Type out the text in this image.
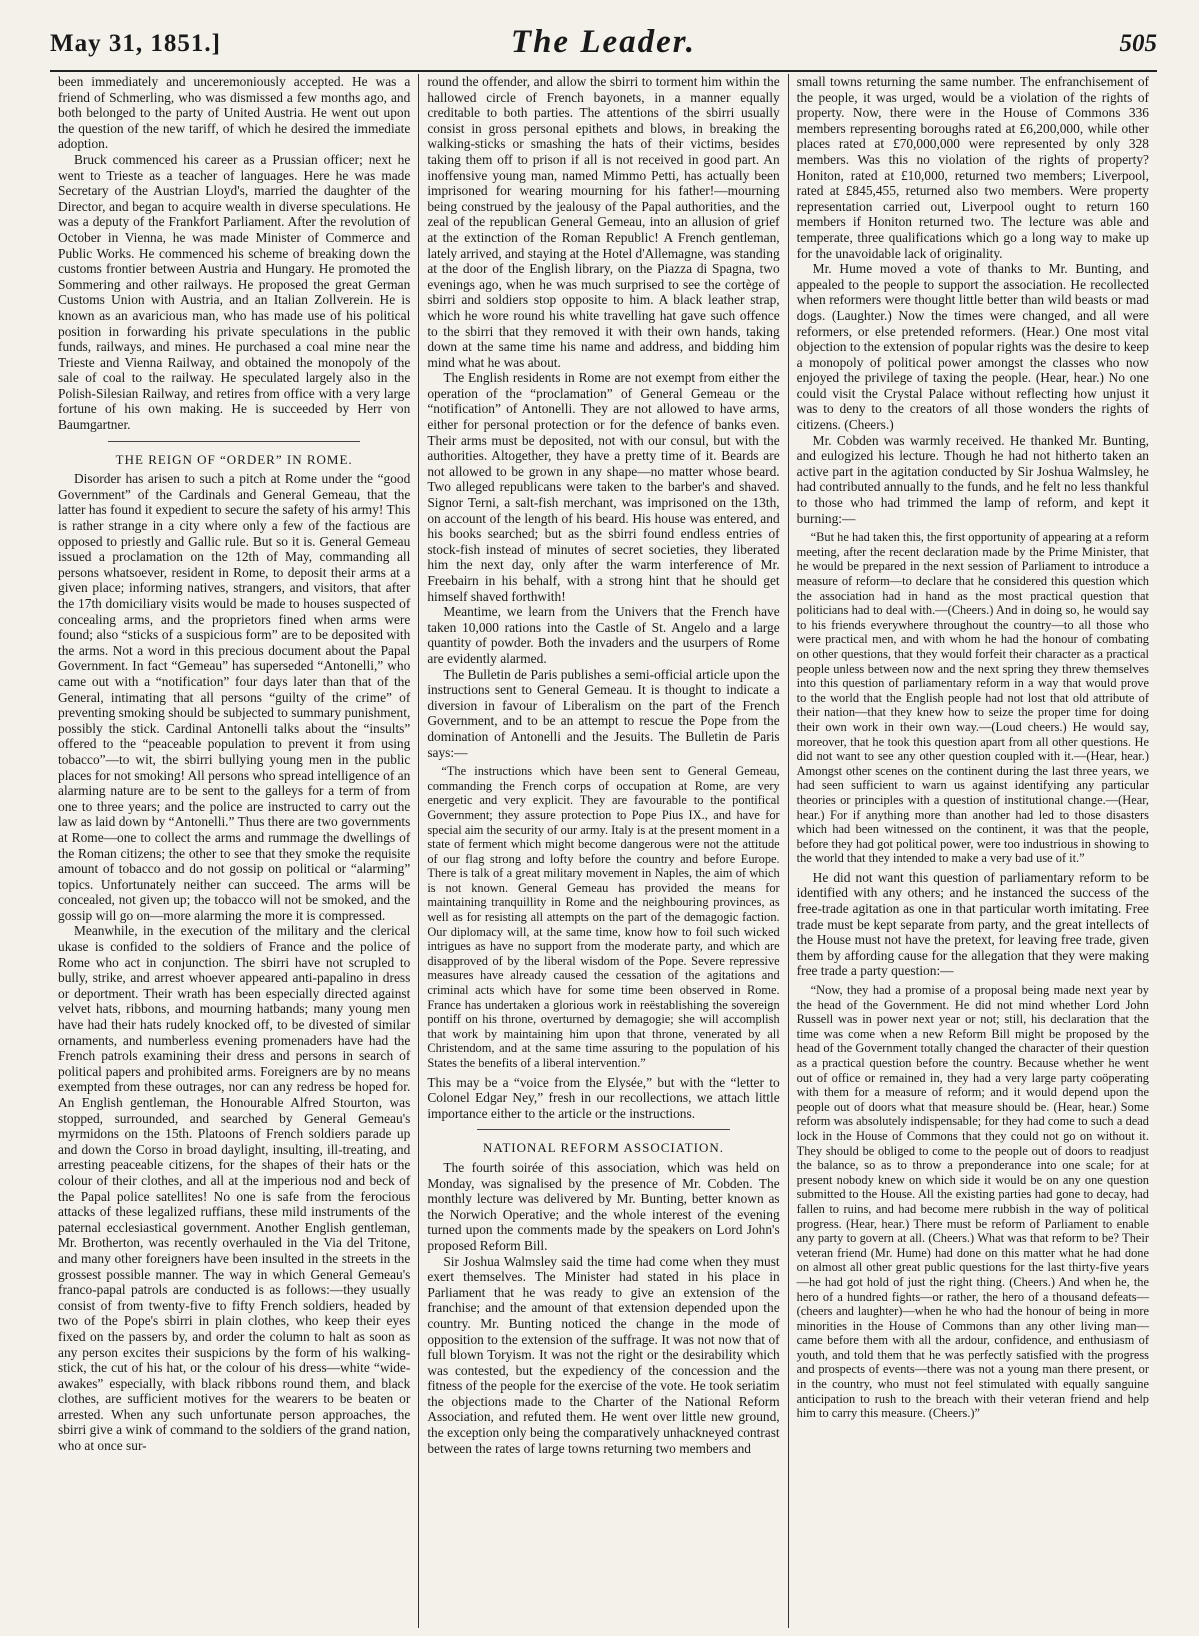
May 31, 1851.]	The Leader.	505

been immediately and unceremoniously accepted. He was a friend of Schmerling, who was dismissed a few months ago, and both belonged to the party of United Austria. He went out upon the question of the new tariff, of which he desired the immediate adoption.

Bruck commenced his career as a Prussian officer; next he went to Trieste as a teacher of languages. Here he was made Secretary of the Austrian Lloyd's, married the daughter of the Director, and began to acquire wealth in diverse speculations. He was a deputy of the Frankfort Parliament. After the revolution of October in Vienna, he was made Minister of Commerce and Public Works. He commenced his scheme of breaking down the customs frontier between Austria and Hungary. He promoted the Sommering and other railways. He proposed the great German Customs Union with Austria, and an Italian Zollverein. He is known as an avaricious man, who has made use of his political position in forwarding his private speculations in the public funds, railways, and mines. He purchased a coal mine near the Trieste and Vienna Railway, and obtained the monopoly of the sale of coal to the railway. He speculated largely also in the Polish-Silesian Railway, and retires from office with a very large fortune of his own making. He is succeeded by Herr von Baumgartner.

THE REIGN OF “ORDER” IN ROME.

Disorder has arisen to such a pitch at Rome under the “good Government” of the Cardinals and General Gemeau, that the latter has found it expedient to secure the safety of his army! This is rather strange in a city where only a few of the factious are opposed to priestly and Gallic rule. But so it is. General Gemeau issued a proclamation on the 12th of May, commanding all persons whatsoever, resident in Rome, to deposit their arms at a given place; informing natives, strangers, and visitors, that after the 17th domiciliary visits would be made to houses suspected of concealing arms, and the proprietors fined when arms were found; also “sticks of a suspicious form” are to be deposited with the arms. Not a word in this precious document about the Papal Government. In fact “Gemeau” has superseded “Antonelli,” who came out with a “notification” four days later than that of the General, intimating that all persons “guilty of the crime” of preventing smoking should be subjected to summary punishment, possibly the stick. Cardinal Antonelli talks about the “insults” offered to the “peaceable population to prevent it from using tobacco”—to wit, the sbirri bullying young men in the public places for not smoking! All persons who spread intelligence of an alarming nature are to be sent to the galleys for a term of from one to three years; and the police are instructed to carry out the law as laid down by “Antonelli.” Thus there are two governments at Rome—one to collect the arms and rummage the dwellings of the Roman citizens; the other to see that they smoke the requisite amount of tobacco and do not gossip on political or “alarming” topics. Unfortunately neither can succeed. The arms will be concealed, not given up; the tobacco will not be smoked, and the gossip will go on—more alarming the more it is compressed.

Meanwhile, in the execution of the military and the clerical ukase is confided to the soldiers of France and the police of Rome who act in conjunction. The sbirri have not scrupled to bully, strike, and arrest whoever appeared anti-papalino in dress or deportment. Their wrath has been especially directed against velvet hats, ribbons, and mourning hatbands; many young men have had their hats rudely knocked off, to be divested of similar ornaments, and numberless evening promenaders have had the French patrols examining their dress and persons in search of political papers and prohibited arms. Foreigners are by no means exempted from these outrages, nor can any redress be hoped for. An English gentleman, the Honourable Alfred Stourton, was stopped, surrounded, and searched by General Gemeau's myrmidons on the 15th. Platoons of French soldiers parade up and down the Corso in broad daylight, insulting, ill-treating, and arresting peaceable citizens, for the shapes of their hats or the colour of their clothes, and all at the imperious nod and beck of the Papal police satellites! No one is safe from the ferocious attacks of these legalized ruffians, these mild instruments of the paternal ecclesiastical government. Another English gentleman, Mr. Brotherton, was recently overhauled in the Via del Tritone, and many other foreigners have been insulted in the streets in the grossest possible manner. The way in which General Gemeau's franco-papal patrols are conducted is as follows:—they usually consist of from twenty-five to fifty French soldiers, headed by two of the Pope's sbirri in plain clothes, who keep their eyes fixed on the passers by, and order the column to halt as soon as any person excites their suspicions by the form of his walking-stick, the cut of his hat, or the colour of his dress—white “wide-awakes” especially, with black ribbons round them, and black clothes, are sufficient motives for the wearers to be beaten or arrested. When any such unfortunate person approaches, the sbirri give a wink of command to the soldiers of the grand nation, who at once sur-

round the offender, and allow the sbirri to torment him within the hallowed circle of French bayonets, in a manner equally creditable to both parties. The attentions of the sbirri usually consist in gross personal epithets and blows, in breaking the walking-sticks or smashing the hats of their victims, besides taking them off to prison if all is not received in good part. An inoffensive young man, named Mimmo Petti, has actually been imprisoned for wearing mourning for his father!—mourning being construed by the jealousy of the Papal authorities, and the zeal of the republican General Gemeau, into an allusion of grief at the extinction of the Roman Republic! A French gentleman, lately arrived, and staying at the Hotel d'Allemagne, was standing at the door of the English library, on the Piazza di Spagna, two evenings ago, when he was much surprised to see the cortège of sbirri and soldiers stop opposite to him. A black leather strap, which he wore round his white travelling hat gave such offence to the sbirri that they removed it with their own hands, taking down at the same time his name and address, and bidding him mind what he was about.

The English residents in Rome are not exempt from either the operation of the “proclamation” of General Gemeau or the “notification” of Antonelli. They are not allowed to have arms, either for personal protection or for the defence of banks even. Their arms must be deposited, not with our consul, but with the authorities. Altogether, they have a pretty time of it. Beards are not allowed to be grown in any shape—no matter whose beard. Two alleged republicans were taken to the barber's and shaved. Signor Terni, a salt-fish merchant, was imprisoned on the 13th, on account of the length of his beard. His house was entered, and his books searched; but as the sbirri found endless entries of stock-fish instead of minutes of secret societies, they liberated him the next day, only after the warm interference of Mr. Freebairn in his behalf, with a strong hint that he should get himself shaved forthwith!

Meantime, we learn from the Univers that the French have taken 10,000 rations into the Castle of St. Angelo and a large quantity of powder. Both the invaders and the usurpers of Rome are evidently alarmed.

The Bulletin de Paris publishes a semi-official article upon the instructions sent to General Gemeau. It is thought to indicate a diversion in favour of Liberalism on the part of the French Government, and to be an attempt to rescue the Pope from the domination of Antonelli and the Jesuits. The Bulletin de Paris says:—

“The instructions which have been sent to General Gemeau, commanding the French corps of occupation at Rome, are very energetic and very explicit. They are favourable to the pontifical Government; they assure protection to Pope Pius IX., and have for special aim the security of our army. Italy is at the present moment in a state of ferment which might become dangerous were not the attitude of our flag strong and lofty before the country and before Europe. There is talk of a great military movement in Naples, the aim of which is not known. General Gemeau has provided the means for maintaining tranquillity in Rome and the neighbouring provinces, as well as for resisting all attempts on the part of the demagogic faction. Our diplomacy will, at the same time, know how to foil such wicked intrigues as have no support from the moderate party, and which are disapproved of by the liberal wisdom of the Pope. Severe repressive measures have already caused the cessation of the agitations and criminal acts which have for some time been observed in Rome. France has undertaken a glorious work in reëstablishing the sovereign pontiff on his throne, overturned by demagogie; she will accomplish that work by maintaining him upon that throne, venerated by all Christendom, and at the same time assuring to the population of his States the benefits of a liberal intervention.”

This may be a “voice from the Elysée,” but with the “letter to Colonel Edgar Ney,” fresh in our recollections, we attach little importance either to the article or the instructions.

NATIONAL REFORM ASSOCIATION.

The fourth soirée of this association, which was held on Monday, was signalised by the presence of Mr. Cobden. The monthly lecture was delivered by Mr. Bunting, better known as the Norwich Operative; and the whole interest of the evening turned upon the comments made by the speakers on Lord John's proposed Reform Bill.

Sir Joshua Walmsley said the time had come when they must exert themselves. The Minister had stated in his place in Parliament that he was ready to give an extension of the franchise; and the amount of that extension depended upon the country. Mr. Bunting noticed the change in the mode of opposition to the extension of the suffrage. It was not now that of full blown Toryism. It was not the right or the desirability which was contested, but the expediency of the concession and the fitness of the people for the exercise of the vote. He took seriatim the objections made to the Charter of the National Reform Association, and refuted them. He went over little new ground, the exception only being the comparatively unhackneyed contrast between the rates of large towns returning two members and

small towns returning the same number. The enfranchisement of the people, it was urged, would be a violation of the rights of property. Now, there were in the House of Commons 336 members representing boroughs rated at £6,200,000, while other places rated at £70,000,000 were represented by only 328 members. Was this no violation of the rights of property? Honiton, rated at £10,000, returned two members; Liverpool, rated at £845,455, returned also two members. Were property representation carried out, Liverpool ought to return 160 members if Honiton returned two. The lecture was able and temperate, three qualifications which go a long way to make up for the unavoidable lack of originality.

Mr. Hume moved a vote of thanks to Mr. Bunting, and appealed to the people to support the association. He recollected when reformers were thought little better than wild beasts or mad dogs. (Laughter.) Now the times were changed, and all were reformers, or else pretended reformers. (Hear.) One most vital objection to the extension of popular rights was the desire to keep a monopoly of political power amongst the classes who now enjoyed the privilege of taxing the people. (Hear, hear.) No one could visit the Crystal Palace without reflecting how unjust it was to deny to the creators of all those wonders the rights of citizens. (Cheers.)

Mr. Cobden was warmly received. He thanked Mr. Bunting, and eulogized his lecture. Though he had not hitherto taken an active part in the agitation conducted by Sir Joshua Walmsley, he had contributed annually to the funds, and he felt no less thankful to those who had trimmed the lamp of reform, and kept it burning:—

“But he had taken this, the first opportunity of appearing at a reform meeting, after the recent declaration made by the Prime Minister, that he would be prepared in the next session of Parliament to introduce a measure of reform—to declare that he considered this question which the association had in hand as the most practical question that politicians had to deal with.—(Cheers.) And in doing so, he would say to his friends everywhere throughout the country—to all those who were practical men, and with whom he had the honour of combating on other questions, that they would forfeit their character as a practical people unless between now and the next spring they threw themselves into this question of parliamentary reform in a way that would prove to the world that the English people had not lost that old attribute of their nation—that they knew how to seize the proper time for doing their own work in their own way.—(Loud cheers.) He would say, moreover, that he took this question apart from all other questions. He did not want to see any other question coupled with it.—(Hear, hear.) Amongst other scenes on the continent during the last three years, we had seen sufficient to warn us against identifying any particular theories or principles with a question of institutional change.—(Hear, hear.) For if anything more than another had led to those disasters which had been witnessed on the continent, it was that the people, before they had got political power, were too industrious in showing to the world that they intended to make a very bad use of it.”

He did not want this question of parliamentary reform to be identified with any others; and he instanced the success of the free-trade agitation as one in that particular worth imitating. Free trade must be kept separate from party, and the great intellects of the House must not have the pretext, for leaving free trade, given them by affording cause for the allegation that they were making free trade a party question:—

“Now, they had a promise of a proposal being made next year by the head of the Government. He did not mind whether Lord John Russell was in power next year or not; still, his declaration that the time was come when a new Reform Bill might be proposed by the head of the Government totally changed the character of their question as a practical question before the country. Because whether he went out of office or remained in, they had a very large party coöperating with them for a measure of reform; and it would depend upon the people out of doors what that measure should be. (Hear, hear.) Some reform was absolutely indispensable; for they had come to such a dead lock in the House of Commons that they could not go on without it. They should be obliged to come to the people out of doors to readjust the balance, so as to throw a preponderance into one scale; for at present nobody knew on which side it would be on any one question submitted to the House. All the existing parties had gone to decay, had fallen to ruins, and had become mere rubbish in the way of political progress. (Hear, hear.) There must be reform of Parliament to enable any party to govern at all. (Cheers.) What was that reform to be? Their veteran friend (Mr. Hume) had done on this matter what he had done on almost all other great public questions for the last thirty-five years—he had got hold of just the right thing. (Cheers.) And when he, the hero of a hundred fights—or rather, the hero of a thousand defeats—(cheers and laughter)—when he who had the honour of being in more minorities in the House of Commons than any other living man—came before them with all the ardour, confidence, and enthusiasm of youth, and told them that he was perfectly satisfied with the progress and prospects of events—there was not a young man there present, or in the country, who must not feel stimulated with equally sanguine anticipation to rush to the breach with their veteran friend and help him to carry this measure. (Cheers.)”
